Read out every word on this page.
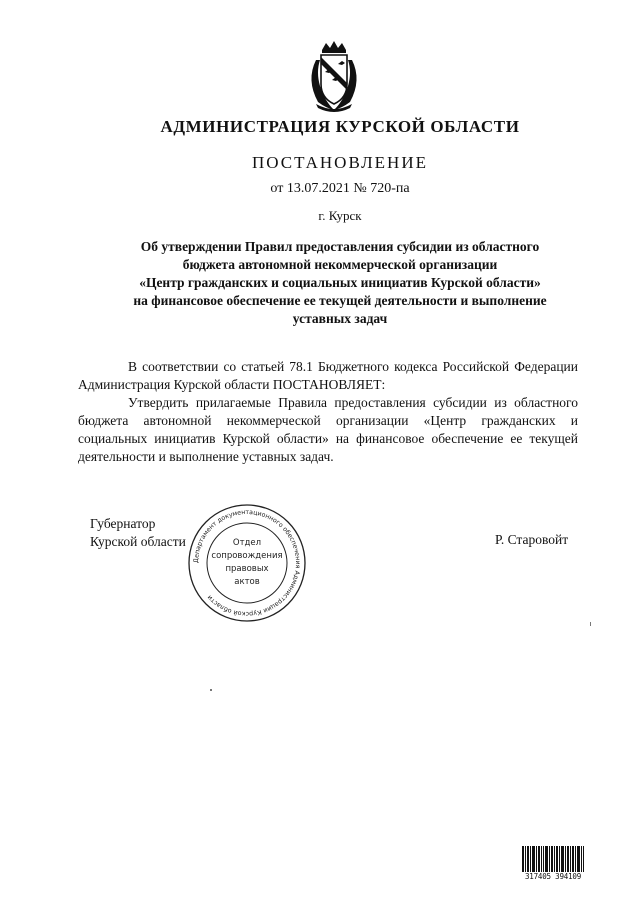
АДМИНИСТРАЦИЯ КУРСКОЙ ОБЛАСТИ
ПОСТАНОВЛЕНИЕ
от 13.07.2021 № 720-па
г. Курск
Об утверждении Правил предоставления субсидии из областного
бюджета автономной некоммерческой организации
«Центр гражданских и социальных инициатив Курской области»
на финансовое обеспечение ее текущей деятельности и выполнение
уставных задач

В соответствии со статьей 78.1 Бюджетного кодекса Российской Федерации Администрация Курской области ПОСТАНОВЛЯЕТ:

Утвердить прилагаемые Правила предоставления субсидии из областного бюджета автономной некоммерческой организации «Центр гражданских и социальных инициатив Курской области» на финансовое обеспечение ее текущей деятельности и выполнение уставных задач.

Губернатор
Курской области	Р. Старовойт
Департамент документационного обеспечения Администрации Курской области
Отдел
сопровождения
правовых
актов
317405 394109
